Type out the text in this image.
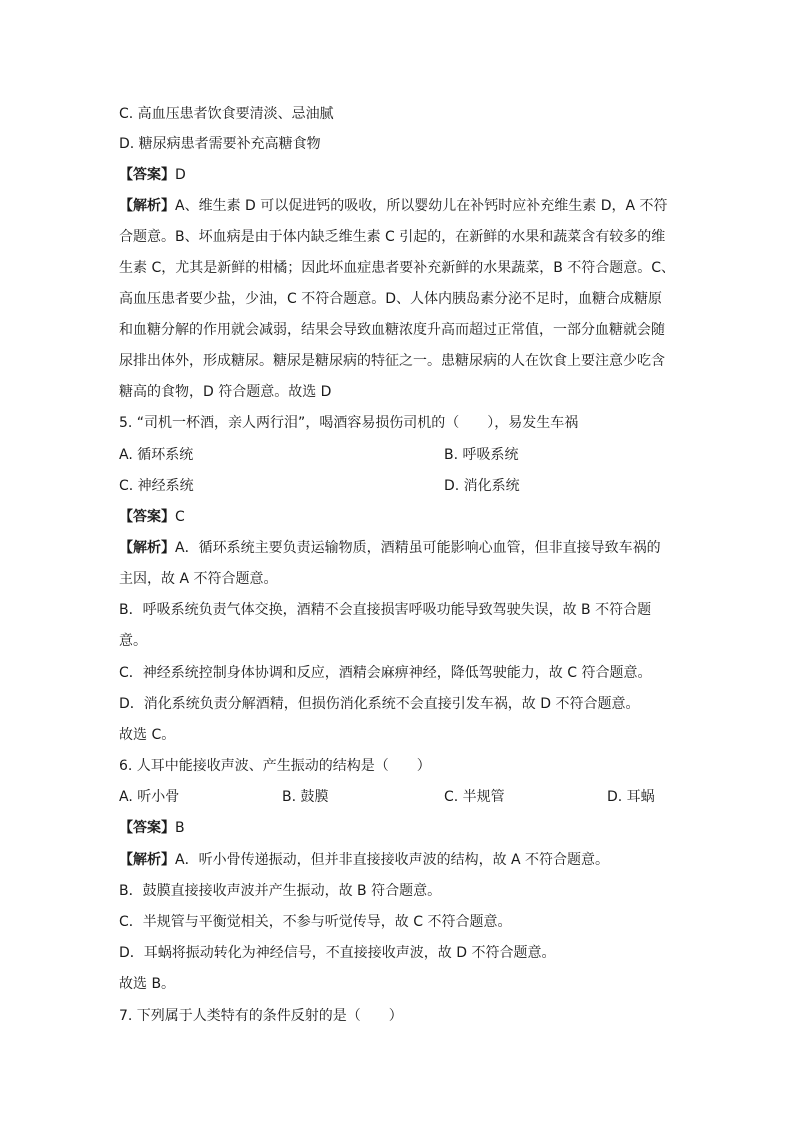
C. 高血压患者饮食要清淡、忌油腻
D. 糖尿病患者需要补充高糖食物
【答案】D
【解析】A、维生素 D 可以促进钙的吸收，所以婴幼儿在补钙时应补充维生素 D，A 不符
合题意。B、坏血病是由于体内缺乏维生素 C 引起的，在新鲜的水果和蔬菜含有较多的维
生素 C，尤其是新鲜的柑橘；因此坏血症患者要补充新鲜的水果蔬菜，B 不符合题意。C、
高血压患者要少盐，少油，C 不符合题意。D、人体内胰岛素分泌不足时，血糖合成糖原
和血糖分解的作用就会减弱，结果会导致血糖浓度升高而超过正常值，一部分血糖就会随
尿排出体外，形成糖尿。糖尿是糖尿病的特征之一。患糖尿病的人在饮食上要注意少吃含
糖高的食物，D 符合题意。故选 D
5. “司机一杯酒，亲人两行泪”，喝酒容易损伤司机的（　　），易发生车祸
A. 循环系统	B. 呼吸系统
C. 神经系统	D. 消化系统
【答案】C
【解析】A．循环系统主要负责运输物质，酒精虽可能影响心血管，但非直接导致车祸的
主因，故 A 不符合题意。
B．呼吸系统负责气体交换，酒精不会直接损害呼吸功能导致驾驶失误，故 B 不符合题
意。
C．神经系统控制身体协调和反应，酒精会麻痹神经，降低驾驶能力，故 C 符合题意。
D．消化系统负责分解酒精，但损伤消化系统不会直接引发车祸，故 D 不符合题意。
故选 C。
6. 人耳中能接收声波、产生振动的结构是（　　）
A. 听小骨	B. 鼓膜	C. 半规管	D. 耳蜗
【答案】B
【解析】A．听小骨传递振动，但并非直接接收声波的结构，故 A 不符合题意。
B．鼓膜直接接收声波并产生振动，故 B 符合题意。
C．半规管与平衡觉相关，不参与听觉传导，故 C 不符合题意。
D．耳蜗将振动转化为神经信号，不直接接收声波，故 D 不符合题意。
故选 B。
7. 下列属于人类特有的条件反射的是（　　）
